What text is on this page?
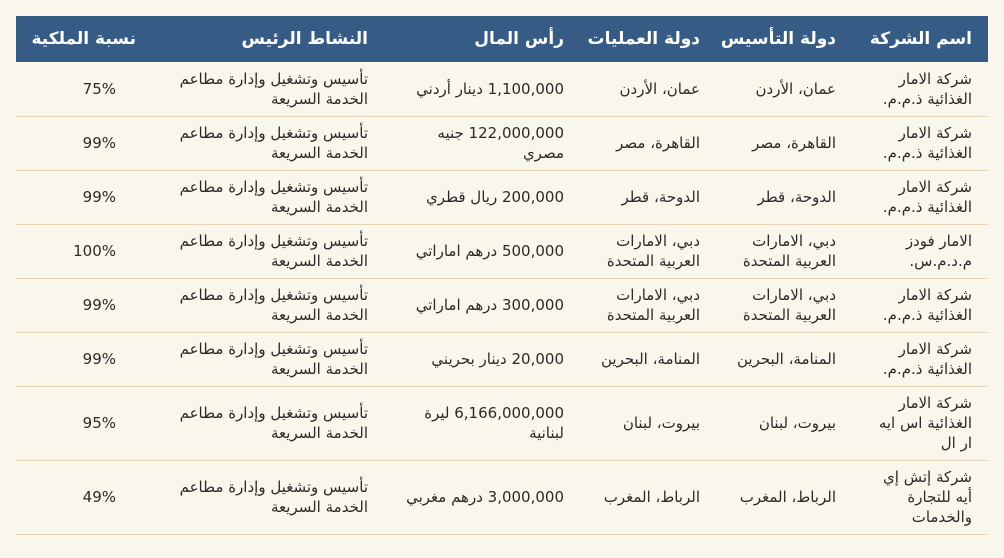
اسم الشركة	دولة التأسيس	دولة العمليات	رأس المال	النشاط الرئيس	نسبة الملكية
شركة الامار الغذائية ذ.م.م.	عمان، الأردن	عمان، الأردن	1,100,000 دينار أردني	تأسيس وتشغيل وإدارة مطاعم الخدمة السريعة	75%
شركة الامار الغذائية ذ.م.م.	القاهرة، مصر	القاهرة، مصر	122,000,000 جنيه مصري	تأسيس وتشغيل وإدارة مطاعم الخدمة السريعة	99%
شركة الامار الغذائية ذ.م.م.	الدوحة، قطر	الدوحة، قطر	200,000 ريال قطري	تأسيس وتشغيل وإدارة مطاعم الخدمة السريعة	99%
الامار فودز م.د.م.س.	دبي، الامارات العربية المتحدة	دبي، الامارات العربية المتحدة	500,000 درهم اماراتي	تأسيس وتشغيل وإدارة مطاعم الخدمة السريعة	100%
شركة الامار الغذائية ذ.م.م.	دبي، الامارات العربية المتحدة	دبي، الامارات العربية المتحدة	300,000 درهم اماراتي	تأسيس وتشغيل وإدارة مطاعم الخدمة السريعة	99%
شركة الامار الغذائية ذ.م.م.	المنامة، البحرين	المنامة، البحرين	20,000 دينار بحريني	تأسيس وتشغيل وإدارة مطاعم الخدمة السريعة	99%
شركة الامار الغذائية اس ايه ار ال	بيروت، لبنان	بيروت، لبنان	6,166,000,000 ليرة لبنانية	تأسيس وتشغيل وإدارة مطاعم الخدمة السريعة	95%
شركة إتش إي أيه للتجارة والخدمات	الرباط، المغرب	الرباط، المغرب	3,000,000 درهم مغربي	تأسيس وتشغيل وإدارة مطاعم الخدمة السريعة	49%
